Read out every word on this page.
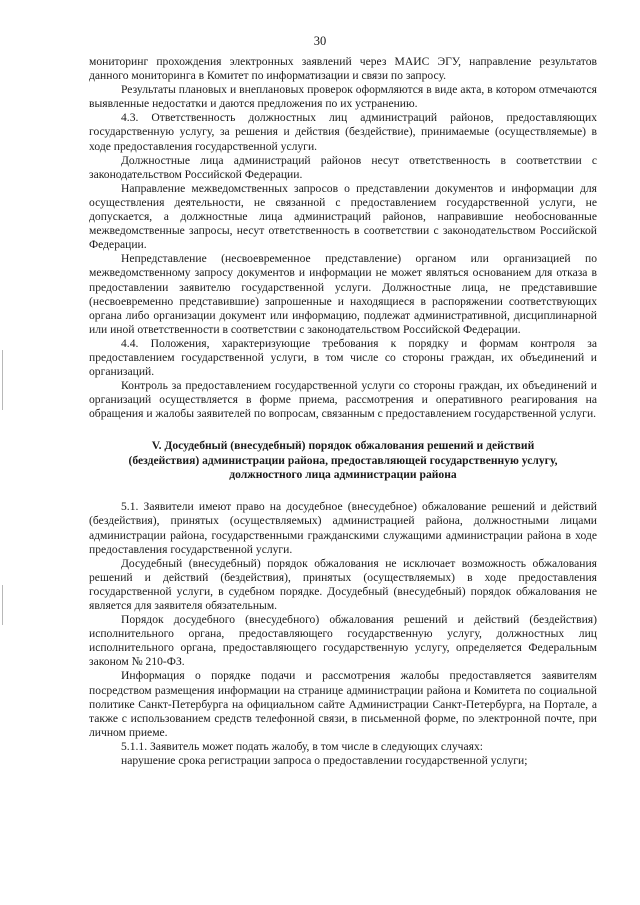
30

мониторинг прохождения электронных заявлений через МАИС ЭГУ, направление результатов данного мониторинга в Комитет по информатизации и связи по запросу.

Результаты плановых и внеплановых проверок оформляются в виде акта, в котором отмечаются выявленные недостатки и даются предложения по их устранению.

4.3. Ответственность должностных лиц администраций районов, предоставляющих государственную услугу, за решения и действия (бездействие), принимаемые (осуществляемые) в ходе предоставления государственной услуги.

Должностные лица администраций районов несут ответственность в соответствии с законодательством Российской Федерации.

Направление межведомственных запросов о представлении документов и информации для осуществления деятельности, не связанной с предоставлением государственной услуги, не допускается, а должностные лица администраций районов, направившие необоснованные межведомственные запросы, несут ответственность в соответствии с законодательством Российской Федерации.

Непредставление (несвоевременное представление) органом или организацией по межведомственному запросу документов и информации не может являться основанием для отказа в предоставлении заявителю государственной услуги. Должностные лица, не представившие (несвоевременно представившие) запрошенные и находящиеся в распоряжении соответствующих органа либо организации документ или информацию, подлежат административной, дисциплинарной или иной ответственности в соответствии с законодательством Российской Федерации.

4.4. Положения, характеризующие требования к порядку и формам контроля за предоставлением государственной услуги, в том числе со стороны граждан, их объединений и организаций.

Контроль за предоставлением государственной услуги со стороны граждан, их объединений и организаций осуществляется в форме приема, рассмотрения и оперативного реагирования на обращения и жалобы заявителей по вопросам, связанным с предоставлением государственной услуги.

V. Досудебный (внесудебный) порядок обжалования решений и действий
(бездействия) администрации района, предоставляющей государственную услугу,
должностного лица администрации района

5.1. Заявители имеют право на досудебное (внесудебное) обжалование решений и действий (бездействия), принятых (осуществляемых) администрацией района, должностными лицами администрации района, государственными гражданскими служащими администрации района в ходе предоставления государственной услуги.

Досудебный (внесудебный) порядок обжалования не исключает возможность обжалования решений и действий (бездействия), принятых (осуществляемых) в ходе предоставления государственной услуги, в судебном порядке. Досудебный (внесудебный) порядок обжалования не является для заявителя обязательным.

Порядок досудебного (внесудебного) обжалования решений и действий (бездействия) исполнительного органа, предоставляющего государственную услугу, должностных лиц исполнительного органа, предоставляющего государственную услугу, определяется Федеральным законом № 210-ФЗ.

Информация о порядке подачи и рассмотрения жалобы предоставляется заявителям посредством размещения информации на странице администрации района и Комитета по социальной политике Санкт-Петербурга на официальном сайте Администрации Санкт-Петербурга, на Портале, а также с использованием средств телефонной связи, в письменной форме, по электронной почте, при личном приеме.

5.1.1. Заявитель может подать жалобу, в том числе в следующих случаях:

нарушение срока регистрации запроса о предоставлении государственной услуги;
